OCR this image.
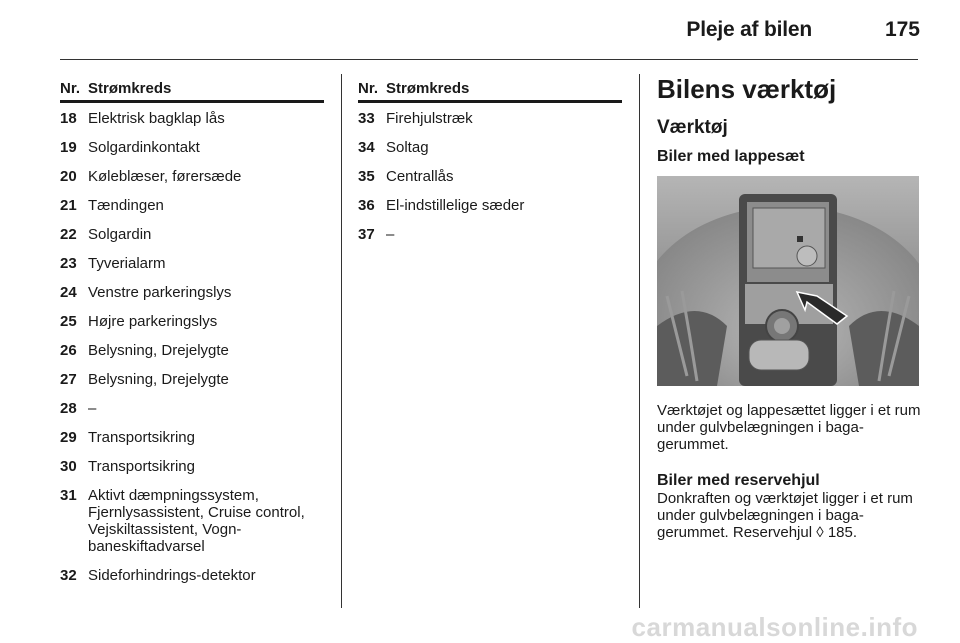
Pleje af bilen	175
Nr. Strømkreds
18 Elektrisk bagklap lås
19 Solgardinkontakt
20 Køleblæser, førersæde
21 Tændingen
22 Solgardin
23 Tyverialarm
24 Venstre parkeringslys
25 Højre parkeringslys
26 Belysning, Drejelygte
27 Belysning, Drejelygte
28 –
29 Transportsikring
30 Transportsikring
31 Aktivt dæmpningssystem, Fjernlysassistent, Cruise control, Vejskiltassistent, Vogn-baneskiftadvarsel
32 Sideforhindrings-detektor
Nr. Strømkreds
33 Firehjulstræk
34 Soltag
35 Centrallås
36 El-indstillelige sæder
37 –
Bilens værktøj
Værktøj
Biler med lappesæt
Værktøjet og lappesættet ligger i et rum under gulvbelægningen i baga-gerummet.
Biler med reservehjul
Donkraften og værktøjet ligger i et rum under gulvbelægningen i baga-gerummet. Reservehjul ◊ 185.
carmanualsonline.info
